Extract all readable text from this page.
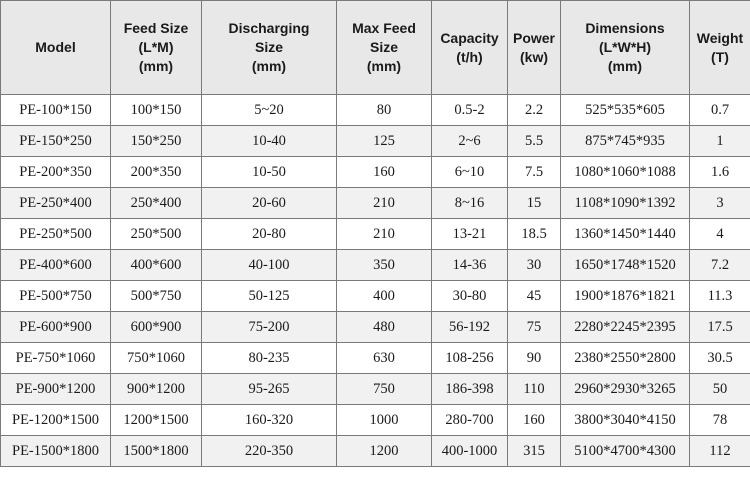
Model	Feed Size
(L*M)
(mm)	Discharging
Size
(mm)	Max Feed
Size
(mm)	Capacity
(t/h)	Power
(kw)	Dimensions
(L*W*H)
(mm)	Weight
(T)

PE-100*150	100*150	5~20	80	0.5-2	2.2	525*535*605	0.7
PE-150*250	150*250	10-40	125	2~6	5.5	875*745*935	1
PE-200*350	200*350	10-50	160	6~10	7.5	1080*1060*1088	1.6
PE-250*400	250*400	20-60	210	8~16	15	1108*1090*1392	3
PE-250*500	250*500	20-80	210	13-21	18.5	1360*1450*1440	4
PE-400*600	400*600	40-100	350	14-36	30	1650*1748*1520	7.2
PE-500*750	500*750	50-125	400	30-80	45	1900*1876*1821	11.3
PE-600*900	600*900	75-200	480	56-192	75	2280*2245*2395	17.5
PE-750*1060	750*1060	80-235	630	108-256	90	2380*2550*2800	30.5
PE-900*1200	900*1200	95-265	750	186-398	110	2960*2930*3265	50
PE-1200*1500	1200*1500	160-320	1000	280-700	160	3800*3040*4150	78
PE-1500*1800	1500*1800	220-350	1200	400-1000	315	5100*4700*4300	112
